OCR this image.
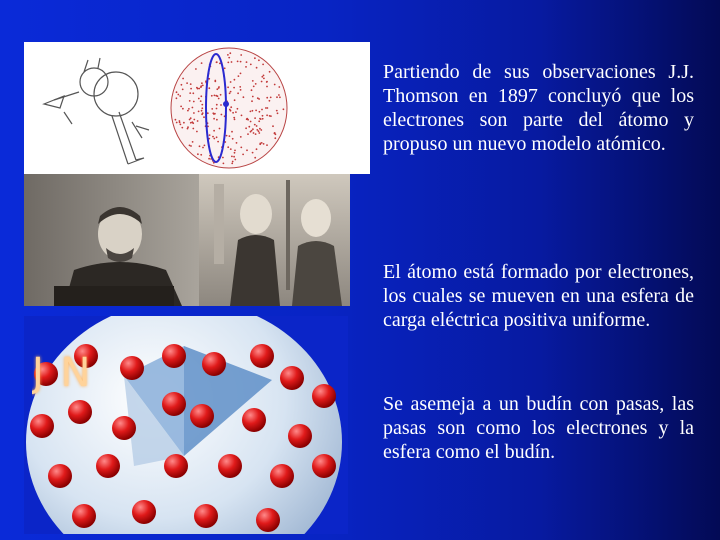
J N

Partiendo de sus observaciones J.J. Thomson en 1897 concluyó que los electrones son parte del átomo y propuso un nuevo modelo atómico.

El átomo está formado por electrones, los cuales se mueven en una esfera de carga eléctrica positiva uniforme.

Se asemeja a un budín con pasas, las pasas son como los electrones y la esfera como el budín.
